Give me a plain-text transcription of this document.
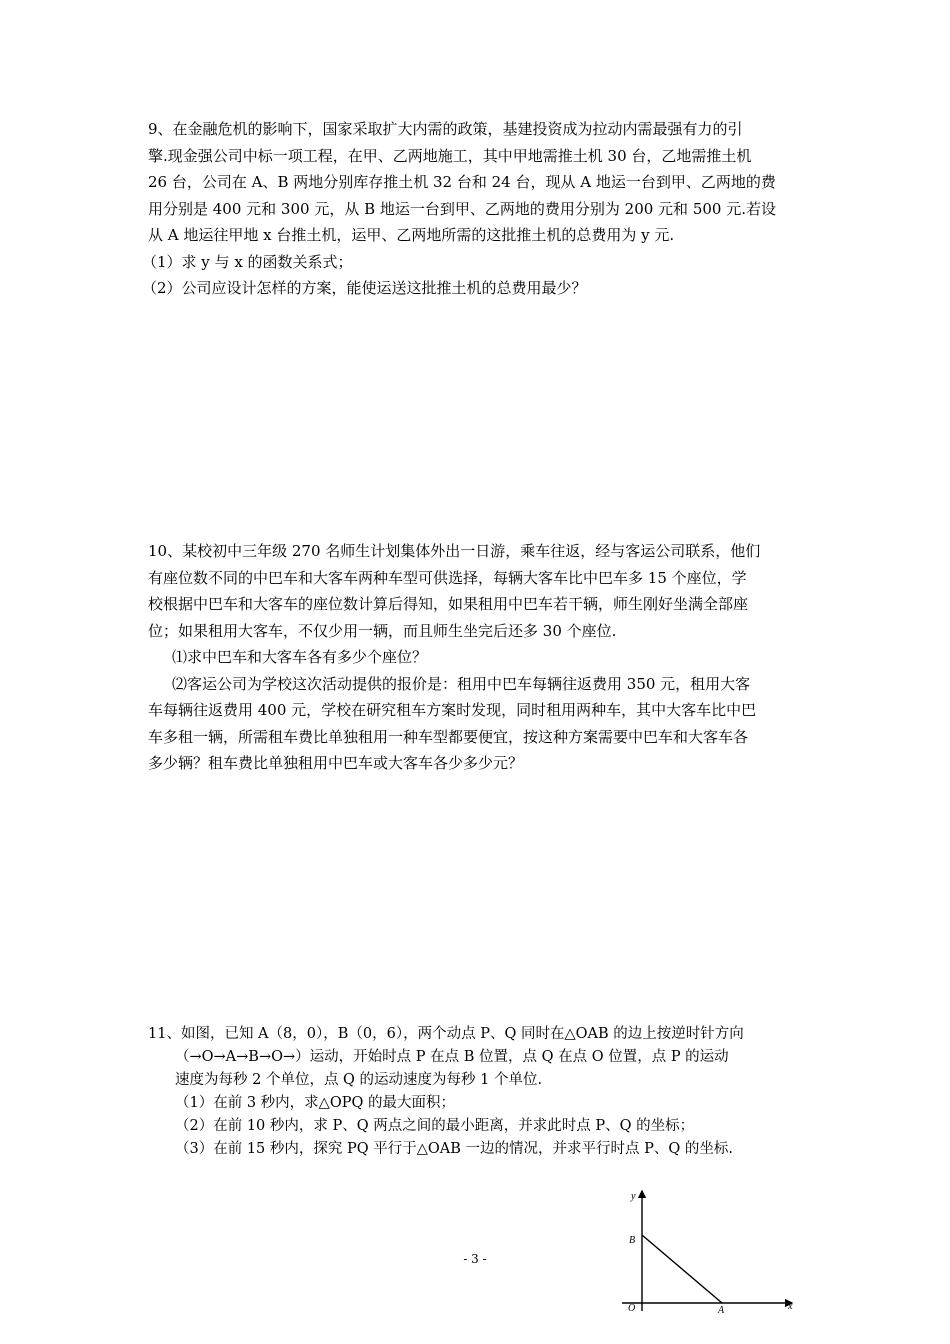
9、在金融危机的影响下，国家采取扩大内需的政策，基建投资成为拉动内需最强有力的引

擎.现金强公司中标一项工程，在甲、乙两地施工，其中甲地需推土机 30 台，乙地需推土机

26 台，公司在 A、B 两地分别库存推土机 32 台和 24 台，现从 A 地运一台到甲、乙两地的费

用分别是 400 元和 300 元，从 B 地运一台到甲、乙两地的费用分别为 200 元和 500 元.若设

从 A 地运往甲地 x 台推土机，运甲、乙两地所需的这批推土机的总费用为 y 元.

（1）求 y 与 x 的函数关系式；

（2）公司应设计怎样的方案，能使运送这批推土机的总费用最少？

10、某校初中三年级 270 名师生计划集体外出一日游，乘车往返，经与客运公司联系，他们

有座位数不同的中巴车和大客车两种车型可供选择，每辆大客车比中巴车多 15 个座位，学

校根据中巴车和大客车的座位数计算后得知，如果租用中巴车若干辆，师生刚好坐满全部座

位；如果租用大客车，不仅少用一辆，而且师生坐完后还多 30 个座位.

⑴求中巴车和大客车各有多少个座位？

⑵客运公司为学校这次活动提供的报价是：租用中巴车每辆往返费用 350 元，租用大客

车每辆往返费用 400 元，学校在研究租车方案时发现，同时租用两种车，其中大客车比中巴

车多租一辆，所需租车费比单独租用一种车型都要便宜，按这种方案需要中巴车和大客车各

多少辆？租车费比单独租用中巴车或大客车各少多少元？

11、如图，已知 A（8，0），B（0，6），两个动点 P、Q 同时在△OAB 的边上按逆时针方向

（→O→A→B→O→）运动，开始时点 P 在点 B 位置，点 Q 在点 O 位置，点 P 的运动

速度为每秒 2 个单位，点 Q 的运动速度为每秒 1 个单位.

（1）在前 3 秒内，求△OPQ 的最大面积；

（2）在前 10 秒内，求 P、Q 两点之间的最小距离，并求此时点 P、Q 的坐标；

（3）在前 15 秒内，探究 PQ 平行于△OAB 一边的情况，并求平行时点 P、Q 的坐标.

y
x
B
O	A
- 3 -
